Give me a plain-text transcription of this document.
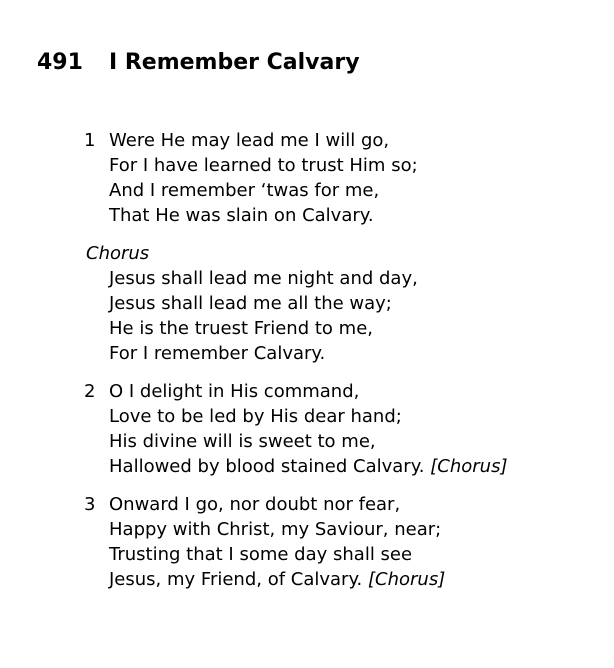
491 I Remember Calvary
1 Were He may lead me I will go,
For I have learned to trust Him so;
And I remember ‘twas for me,
That He was slain on Calvary.
Chorus
Jesus shall lead me night and day,
Jesus shall lead me all the way;
He is the truest Friend to me,
For I remember Calvary.
2 O I delight in His command,
Love to be led by His dear hand;
His divine will is sweet to me,
Hallowed by blood stained Calvary. [Chorus]
3 Onward I go, nor doubt nor fear,
Happy with Christ, my Saviour, near;
Trusting that I some day shall see
Jesus, my Friend, of Calvary. [Chorus]
